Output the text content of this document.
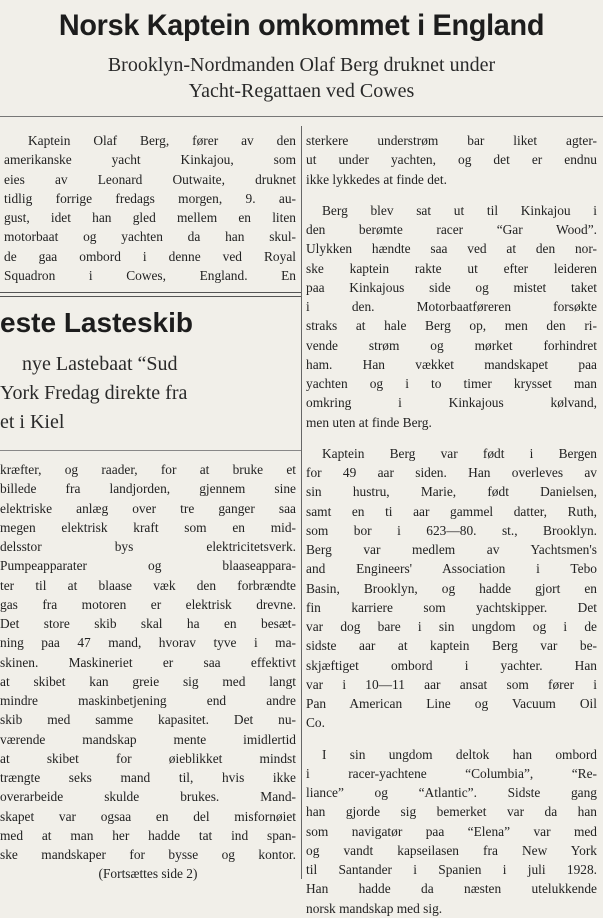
Norsk Kaptein omkommet i England
Brooklyn-Nordmanden Olaf Berg druknet under
Yacht-Regattaen ved Cowes
Kaptein Olaf Berg, fører av den
amerikanske yacht Kinkajou, som
eies av Leonard Outwaite, druknet
tidlig forrige fredags morgen, 9. au-
gust, idet han gled mellem en liten
motorbaat og yachten da han skul-
de gaa ombord i denne ved Royal
Squadron i Cowes, England. En
este Lasteskib
nye Lastebaat “Sud
York Fredag direkte fra
et i Kiel
kræfter, og raader, for at bruke et
billede fra landjorden, gjennem sine
elektriske anlæg over tre ganger saa
megen elektrisk kraft som en mid-
delsstor bys elektricitetsverk.
Pumpeapparater og blaaseappara-
ter til at blaase væk den forbrændte
gas fra motoren er elektrisk drevne.
Det store skib skal ha en besæt-
ning paa 47 mand, hvorav tyve i ma-
skinen. Maskineriet er saa effektivt
at skibet kan greie sig med langt
mindre maskinbetjening end andre
skib med samme kapasitet. Det nu-
værende mandskap mente imidlertid
at skibet for øieblikket mindst
trængte seks mand til, hvis ikke
overarbeide skulde brukes. Mand-
skapet var ogsaa en del misfornøiet
med at man her hadde tat ind span-
ske mandskaper for bysse og kontor.
(Fortsættes side 2)
sterkere understrøm bar liket agter-
ut under yachten, og det er endnu
ikke lykkedes at finde det.
Berg blev sat ut til Kinkajou i
den berømte racer “Gar Wood”.
Ulykken hændte saa ved at den nor-
ske kaptein rakte ut efter leideren
paa Kinkajous side og mistet taket
i den. Motorbaatføreren forsøkte
straks at hale Berg op, men den ri-
vende strøm og mørket forhindret
ham. Han vækket mandskapet paa
yachten og i to timer krysset man
omkring i Kinkajous kølvand,
men uten at finde Berg.
Kaptein Berg var født i Bergen
for 49 aar siden. Han overleves av
sin hustru, Marie, født Danielsen,
samt en ti aar gammel datter, Ruth,
som bor i 623—80. st., Brooklyn.
Berg var medlem av Yachtsmen's
and Engineers' Association i Tebo
Basin, Brooklyn, og hadde gjort en
fin karriere som yachtskipper. Det
var dog bare i sin ungdom og i de
sidste aar at kaptein Berg var be-
skjæftiget ombord i yachter. Han
var i 10—11 aar ansat som fører i
Pan American Line og Vacuum Oil
Co.
I sin ungdom deltok han ombord
i racer-yachtene “Columbia”, “Re-
liance” og “Atlantic”. Sidste gang
han gjorde sig bemerket var da han
som navigatør paa “Elena” var med
og vandt kapseilasen fra New York
til Santander i Spanien i juli 1928.
Han hadde da næsten utelukkende
norsk mandskap med sig.
